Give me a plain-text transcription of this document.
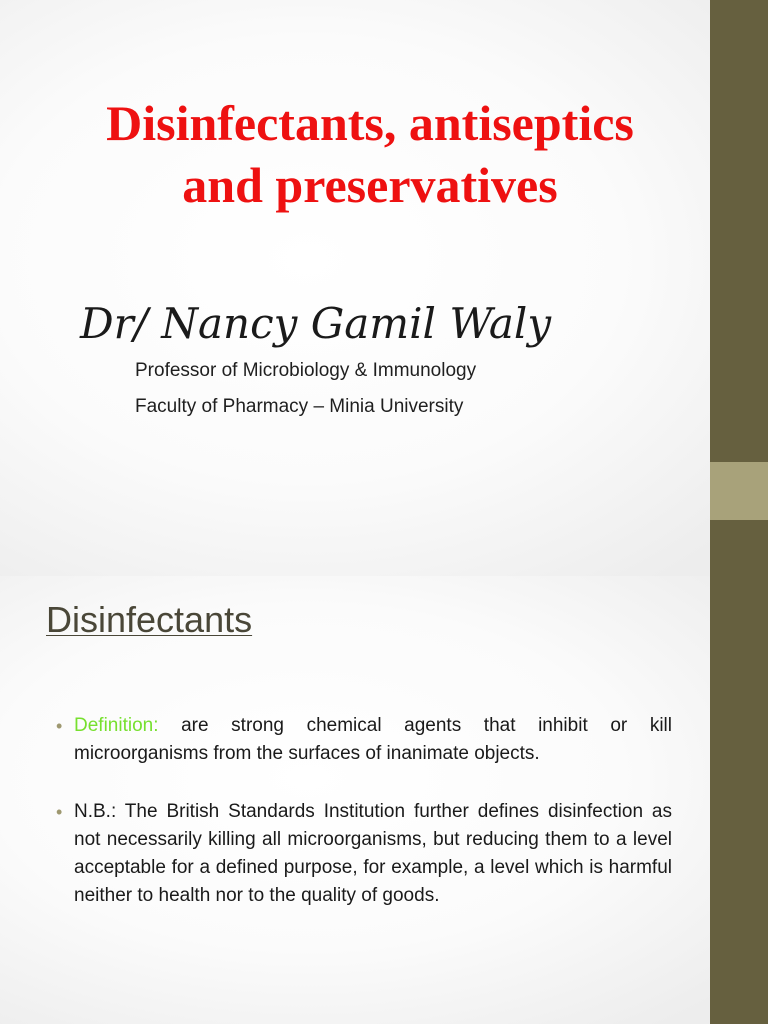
Disinfectants, antiseptics
and preservatives

Dr/ Nancy Gamil Waly

Professor of Microbiology & Immunology

Faculty of Pharmacy – Minia University

Disinfectants
• Definition: are strong chemical agents that inhibit or kill microorganisms from the surfaces of inanimate objects.
• N.B.: The British Standards Institution further defines disinfection as not necessarily killing all microorganisms, but reducing them to a level acceptable for a defined purpose, for example, a level which is harmful neither to health nor to the quality of goods.
